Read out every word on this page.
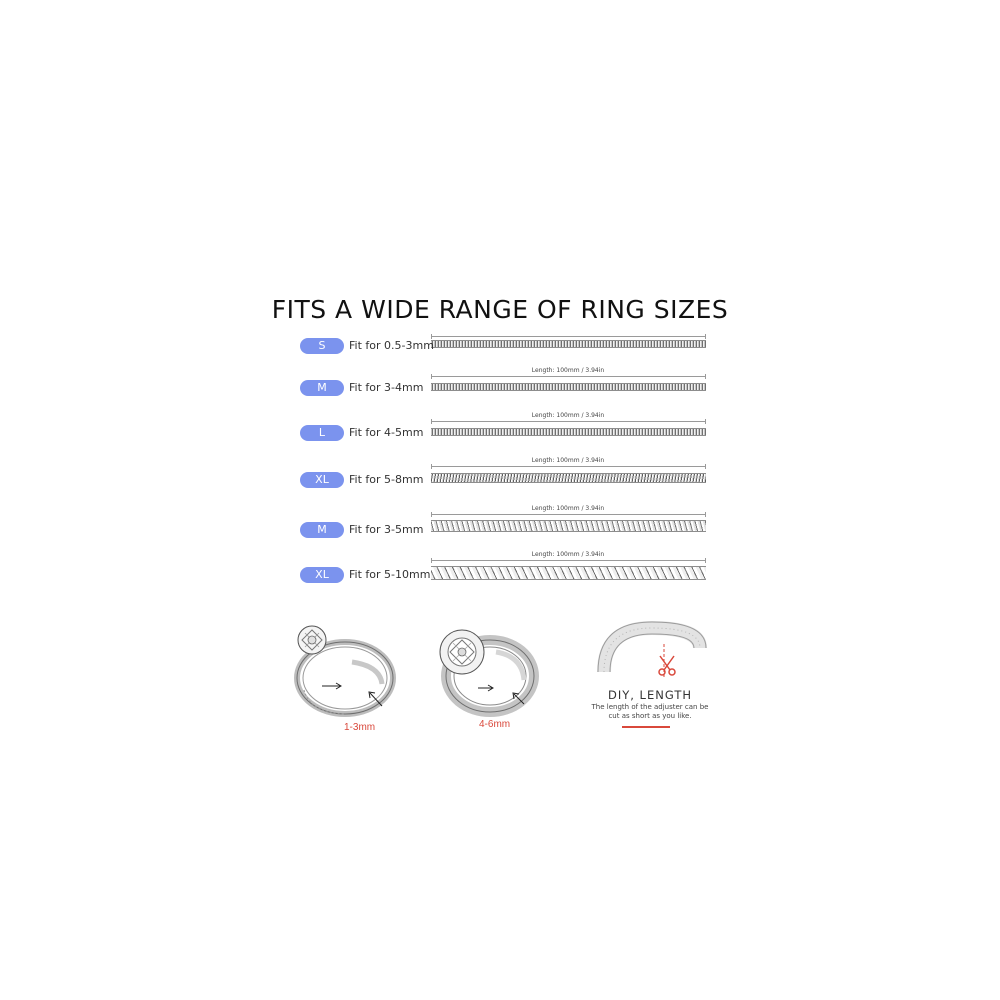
FITS A WIDE RANGE OF RING SIZES
S	Fit for 0.5-3mm
Length: 100mm / 3.94in
M	Fit for 3-4mm
Length: 100mm / 3.94in
L	Fit for 4-5mm
Length: 100mm / 3.94in
XL	Fit for 5-8mm
Length: 100mm / 3.94in
M	Fit for 3-5mm
Length: 100mm / 3.94in
XL	Fit for 5-10mm
1-3mm	4-6mm
DIY, LENGTH
The length of the adjuster can be cut as short as you like.
